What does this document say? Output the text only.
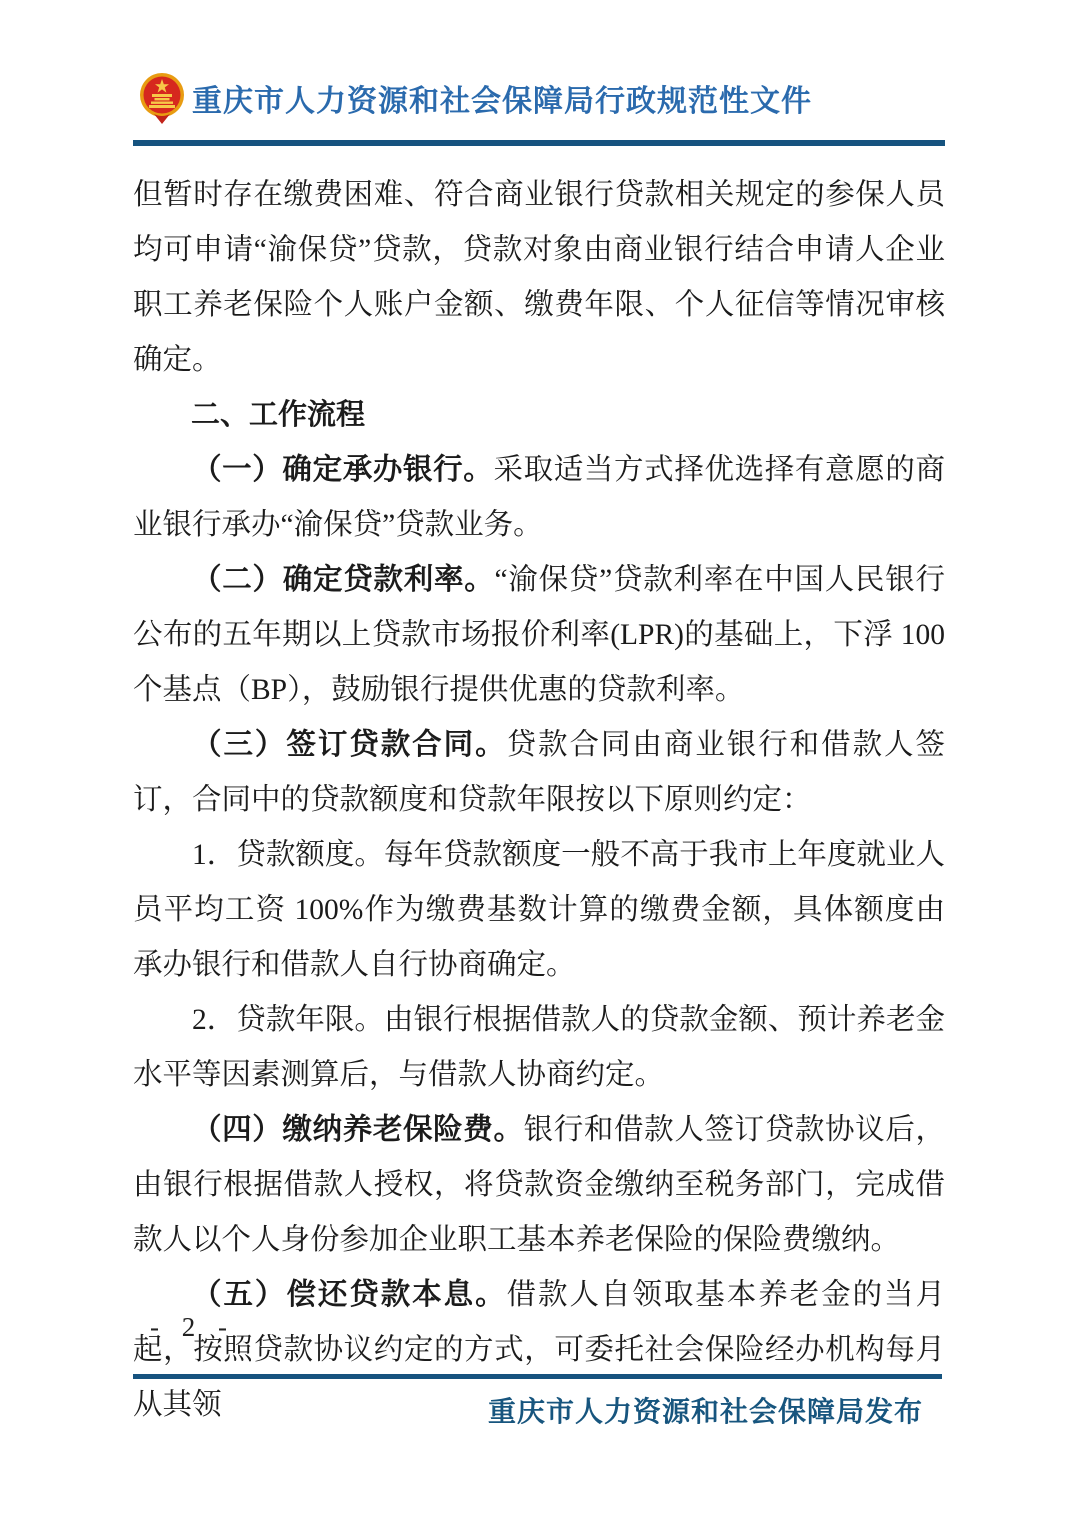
重庆市人力资源和社会保障局行政规范性文件
但暂时存在缴费困难、符合商业银行贷款相关规定的参保人员均可申请“渝保贷”贷款，贷款对象由商业银行结合申请人企业职工养老保险个人账户金额、缴费年限、个人征信等情况审核确定。
二、工作流程
（一）确定承办银行。采取适当方式择优选择有意愿的商业银行承办“渝保贷”贷款业务。
（二）确定贷款利率。“渝保贷”贷款利率在中国人民银行公布的五年期以上贷款市场报价利率(LPR)的基础上，下浮 100 个基点（BP），鼓励银行提供优惠的贷款利率。
（三）签订贷款合同。贷款合同由商业银行和借款人签订，合同中的贷款额度和贷款年限按以下原则约定：
1．贷款额度。每年贷款额度一般不高于我市上年度就业人员平均工资 100%作为缴费基数计算的缴费金额，具体额度由承办银行和借款人自行协商确定。
2．贷款年限。由银行根据借款人的贷款金额、预计养老金水平等因素测算后，与借款人协商约定。
（四）缴纳养老保险费。银行和借款人签订贷款协议后，由银行根据借款人授权，将贷款资金缴纳至税务部门，完成借款人以个人身份参加企业职工基本养老保险的保险费缴纳。
（五）偿还贷款本息。借款人自领取基本养老金的当月起，按照贷款协议约定的方式，可委托社会保险经办机构每月从其领
- 2 -
重庆市人力资源和社会保障局发布
